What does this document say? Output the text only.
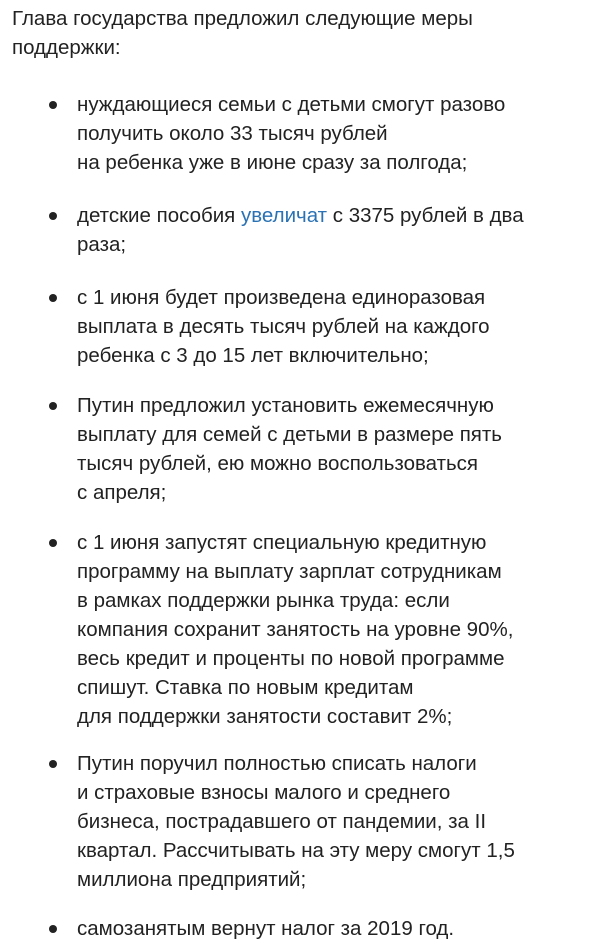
Глава государства предложил следующие меры
поддержки:

нуждающиеся семьи с детьми смогут разово
получить около 33 тысяч рублей
на ребенка уже в июне сразу за полгода;

детские пособия увеличат с 3375 рублей в два
раза;

с 1 июня будет произведена единоразовая
выплата в десять тысяч рублей на каждого
ребенка с 3 до 15 лет включительно;

Путин предложил установить ежемесячную
выплату для семей с детьми в размере пять
тысяч рублей, ею можно воспользоваться
с апреля;

с 1 июня запустят специальную кредитную
программу на выплату зарплат сотрудникам
в рамках поддержки рынка труда: если
компания сохранит занятость на уровне 90%,
весь кредит и проценты по новой программе
спишут. Ставка по новым кредитам
для поддержки занятости составит 2%;

Путин поручил полностью списать налоги
и страховые взносы малого и среднего
бизнеса, пострадавшего от пандемии, за II
квартал. Рассчитывать на эту меру смогут 1,5
миллиона предприятий;

самозанятым вернут налог за 2019 год.
